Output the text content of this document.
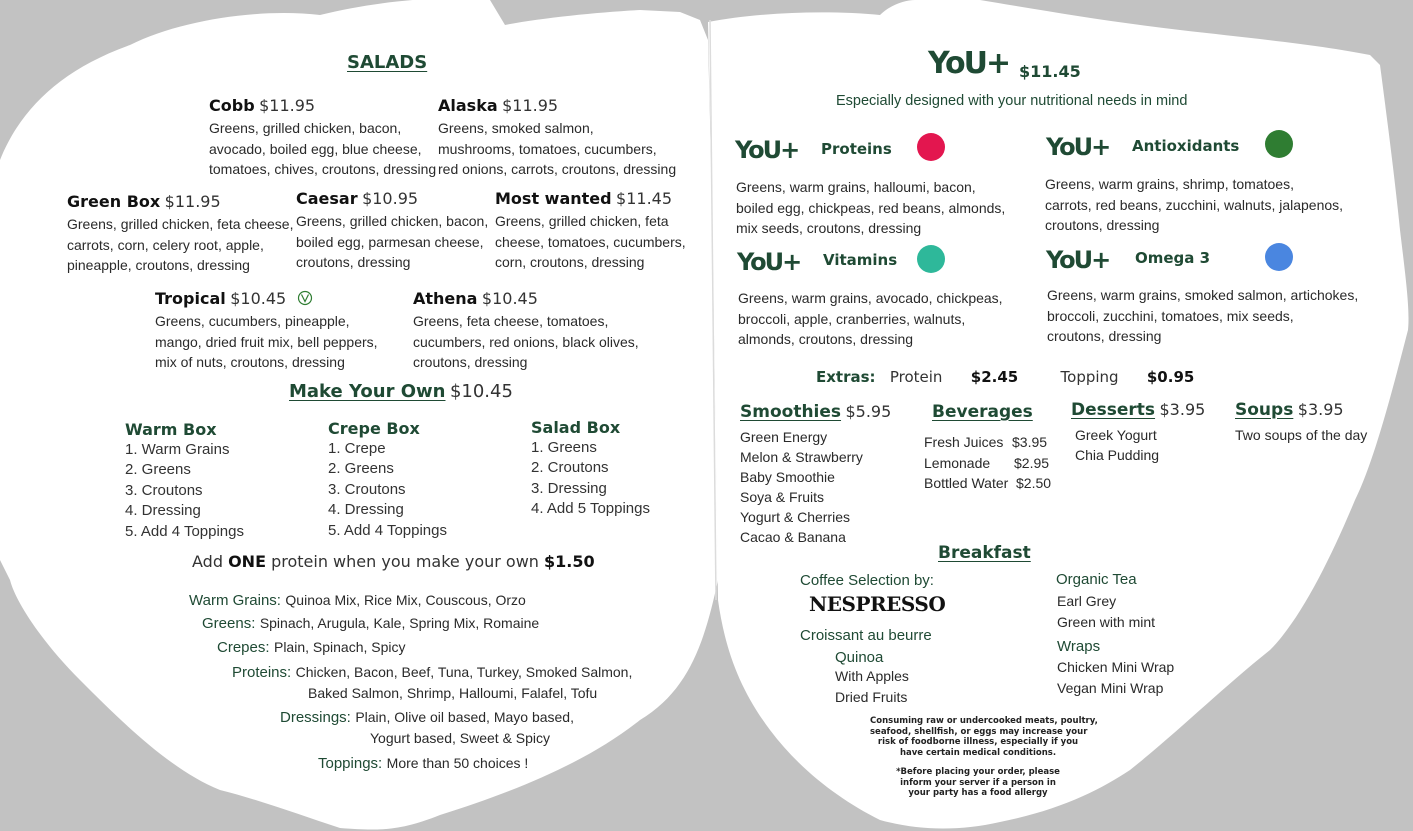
SALADS
Cobb $11.95
Greens, grilled chicken, bacon,
avocado, boiled egg, blue cheese,
tomatoes, chives, croutons, dressing
Alaska $11.95
Greens, smoked salmon,
mushrooms, tomatoes, cucumbers,
red onions, carrots, croutons, dressing
Green Box $11.95
Greens, grilled chicken, feta cheese,
carrots, corn, celery root, apple,
pineapple, croutons, dressing
Caesar $10.95
Greens, grilled chicken, bacon,
boiled egg, parmesan cheese,
croutons, dressing
Most wanted $11.45
Greens, grilled chicken, feta
cheese, tomatoes, cucumbers,
corn, croutons, dressing
Tropical $10.45
Greens, cucumbers, pineapple,
mango, dried fruit mix, bell peppers,
mix of nuts, croutons, dressing
Athena $10.45
Greens, feta cheese, tomatoes,
cucumbers, red onions, black olives,
croutons, dressing
Make Your Own $10.45
Warm Box
1. Warm Grains
2. Greens
3. Croutons
4. Dressing
5. Add 4 Toppings
Crepe Box
1. Crepe
2. Greens
3. Croutons
4. Dressing
5. Add 4 Toppings
Salad Box
1. Greens
2. Croutons
3. Dressing
4. Add 5 Toppings
Add ONE protein when you make your own $1.50
Warm Grains: Quinoa Mix, Rice Mix, Couscous, Orzo
Greens: Spinach, Arugula, Kale, Spring Mix, Romaine
Crepes: Plain, Spinach, Spicy
Proteins: Chicken, Bacon, Beef, Tuna, Turkey, Smoked Salmon,
Baked Salmon, Shrimp, Halloumi, Falafel, Tofu
Dressings: Plain, Olive oil based, Mayo based,
Yogurt based, Sweet & Spicy
Toppings: More than 50 choices !
YoU+ $11.45
Especially designed with your nutritional needs in mind
YoU+ Proteins
Greens, warm grains, halloumi, bacon,
boiled egg, chickpeas, red beans, almonds,
mix seeds, croutons, dressing
YoU+ Antioxidants
Greens, warm grains, shrimp, tomatoes,
carrots, red beans, zucchini, walnuts, jalapenos,
croutons, dressing
YoU+ Vitamins
Greens, warm grains, avocado, chickpeas,
broccoli, apple, cranberries, walnuts,
almonds, croutons, dressing
YoU+ Omega 3
Greens, warm grains, smoked salmon, artichokes,
broccoli, zucchini, tomatoes, mix seeds,
croutons, dressing
Extras: Protein $2.45	Topping $0.95
Smoothies $5.95
Green Energy
Melon & Strawberry
Baby Smoothie
Soya & Fruits
Yogurt & Cherries
Cacao & Banana
Beverages
Fresh Juices $3.95
Lemonade $2.95
Bottled Water $2.50
Desserts $3.95
Greek Yogurt
Chia Pudding
Soups $3.95
Two soups of the day
Breakfast
Coffee Selection by:
NESPRESSO
Croissant au beurre
Quinoa
With Apples
Dried Fruits
Organic Tea
Earl Grey
Green with mint
Wraps
Chicken Mini Wrap
Vegan Mini Wrap
Consuming raw or undercooked meats, poultry,
seafood, shellfish, or eggs may increase your
risk of foodborne illness, especially if you
have certain medical conditions.
*Before placing your order, please
inform your server if a person in
your party has a food allergy
